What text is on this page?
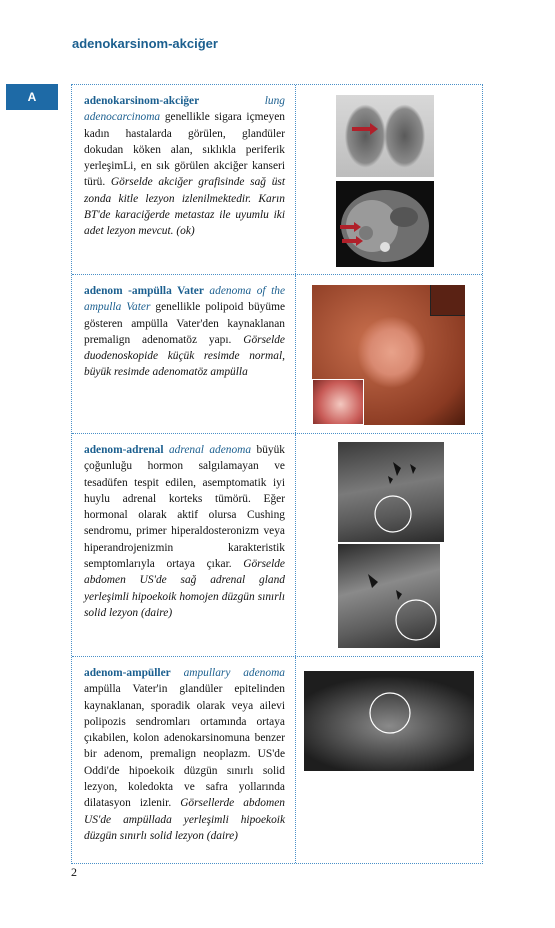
adenokarsinom-akciğer
A	adenokarsinom-akciğer	lung adenocarcinoma genellikle sigara içmeyen kadın hastalarda görülen, glandüler dokudan köken alan, sıklıkla periferik yerleşimLi, en sık görülen akciğer kanseri türü. Görselde akciğer grafisinde sağ üst zonda kitle lezyon izlenilmektedir. Karın BT'de karaciğerde metastaz ile uyumlu iki adet lezyon mevcut. (ok)
adenom -ampülla Vater adenoma of the ampulla Vater genellikle polipoid büyüme gösteren ampülla Vater'den kaynaklanan premalign adenomatöz yapı. Görselde duodenoskopide küçük resimde normal, büyük resimde adenomatöz ampülla
adenom-adrenal adrenal adenoma büyük çoğunluğu hormon salgılamayan ve tesadüfen tespit edilen, asemptomatik iyi huylu adrenal korteks tümörü. Eğer hormonal olarak aktif olursa Cushing sendromu, primer hiperaldosteronizm veya hiperandrojenizmin karakteristik semptomlarıyla ortaya çıkar. Görselde abdomen US'de sağ adrenal gland yerleşimli hipoekoik homojen düzgün sınırlı solid lezyon (daire)
adenom-ampüller ampullary adenoma ampülla Vater'in glandüler epitelinden kaynaklanan, sporadik olarak veya ailevi polipozis sendromları ortamında ortaya çıkabilen, kolon adenokarsinomuna benzer bir adenom, premalign neoplazm. US'de Oddi'de hipoekoik düzgün sınırlı solid lezyon, koledokta ve safra yollarında dilatasyon izlenir. Görsellerde abdomen US'de ampüllada yerleşimli hipoekoik düzgün sınırlı solid lezyon (daire)
2
